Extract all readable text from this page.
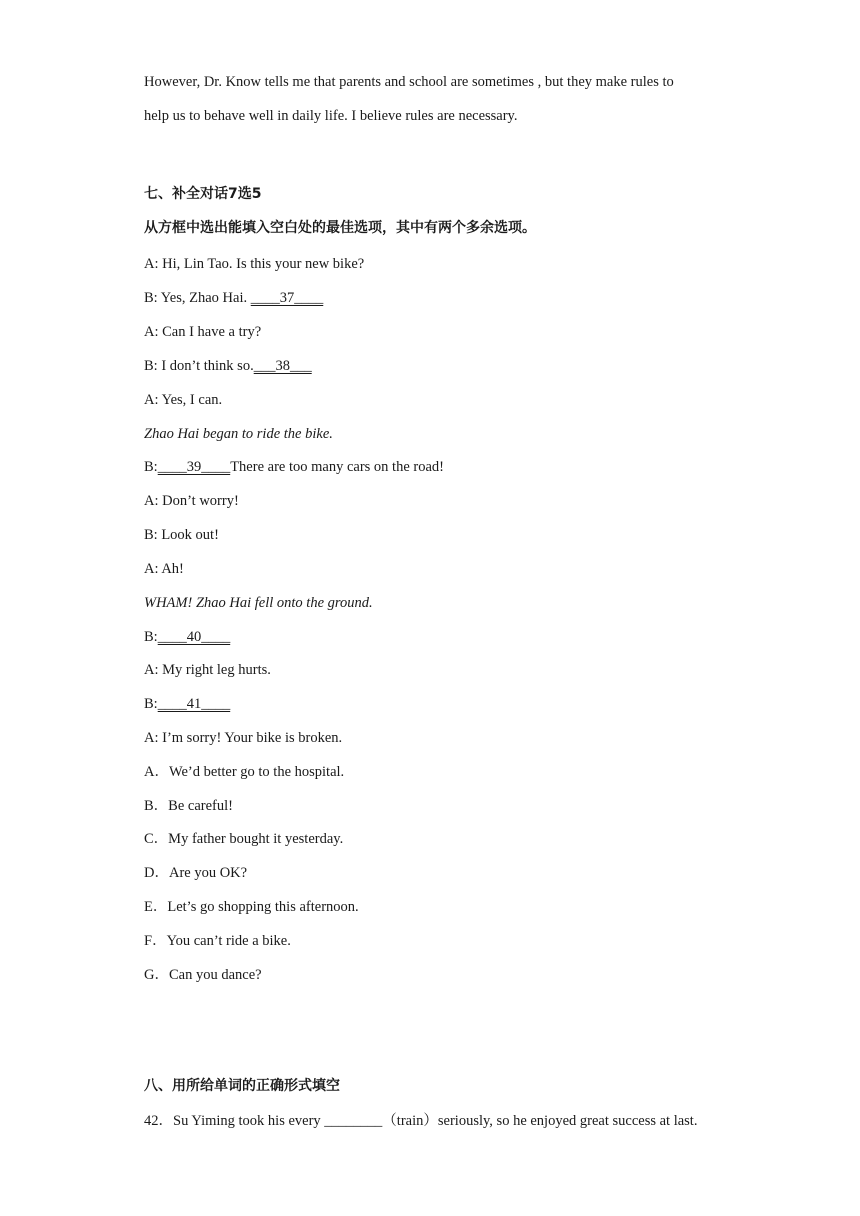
However, Dr. Know tells me that parents and school are sometimes , but they make rules to
help us to behave well in daily life. I believe rules are necessary.
七、补全对话7选5
从方框中选出能填入空白处的最佳选项，其中有两个多余选项。
A: Hi, Lin Tao. Is this your new bike?
B: Yes, Zhao Hai. ____37____
A: Can I have a try?
B: I don’t think so.___38___
A: Yes, I can.
Zhao Hai began to ride the bike.
B:____39____There are too many cars on the road!
A: Don’t worry!
B: Look out!
A: Ah!
WHAM! Zhao Hai fell onto the ground.
B:____40____
A: My right leg hurts.
B:____41____
A: I’m sorry! Your bike is broken.
A．We’d better go to the hospital.
B．Be careful!
C．My father bought it yesterday.
D．Are you OK?
E．Let’s go shopping this afternoon.
F．You can’t ride a bike.
G．Can you dance?
八、用所给单词的正确形式填空
42．Su Yiming took his every ________（train）seriously, so he enjoyed great success at last.
